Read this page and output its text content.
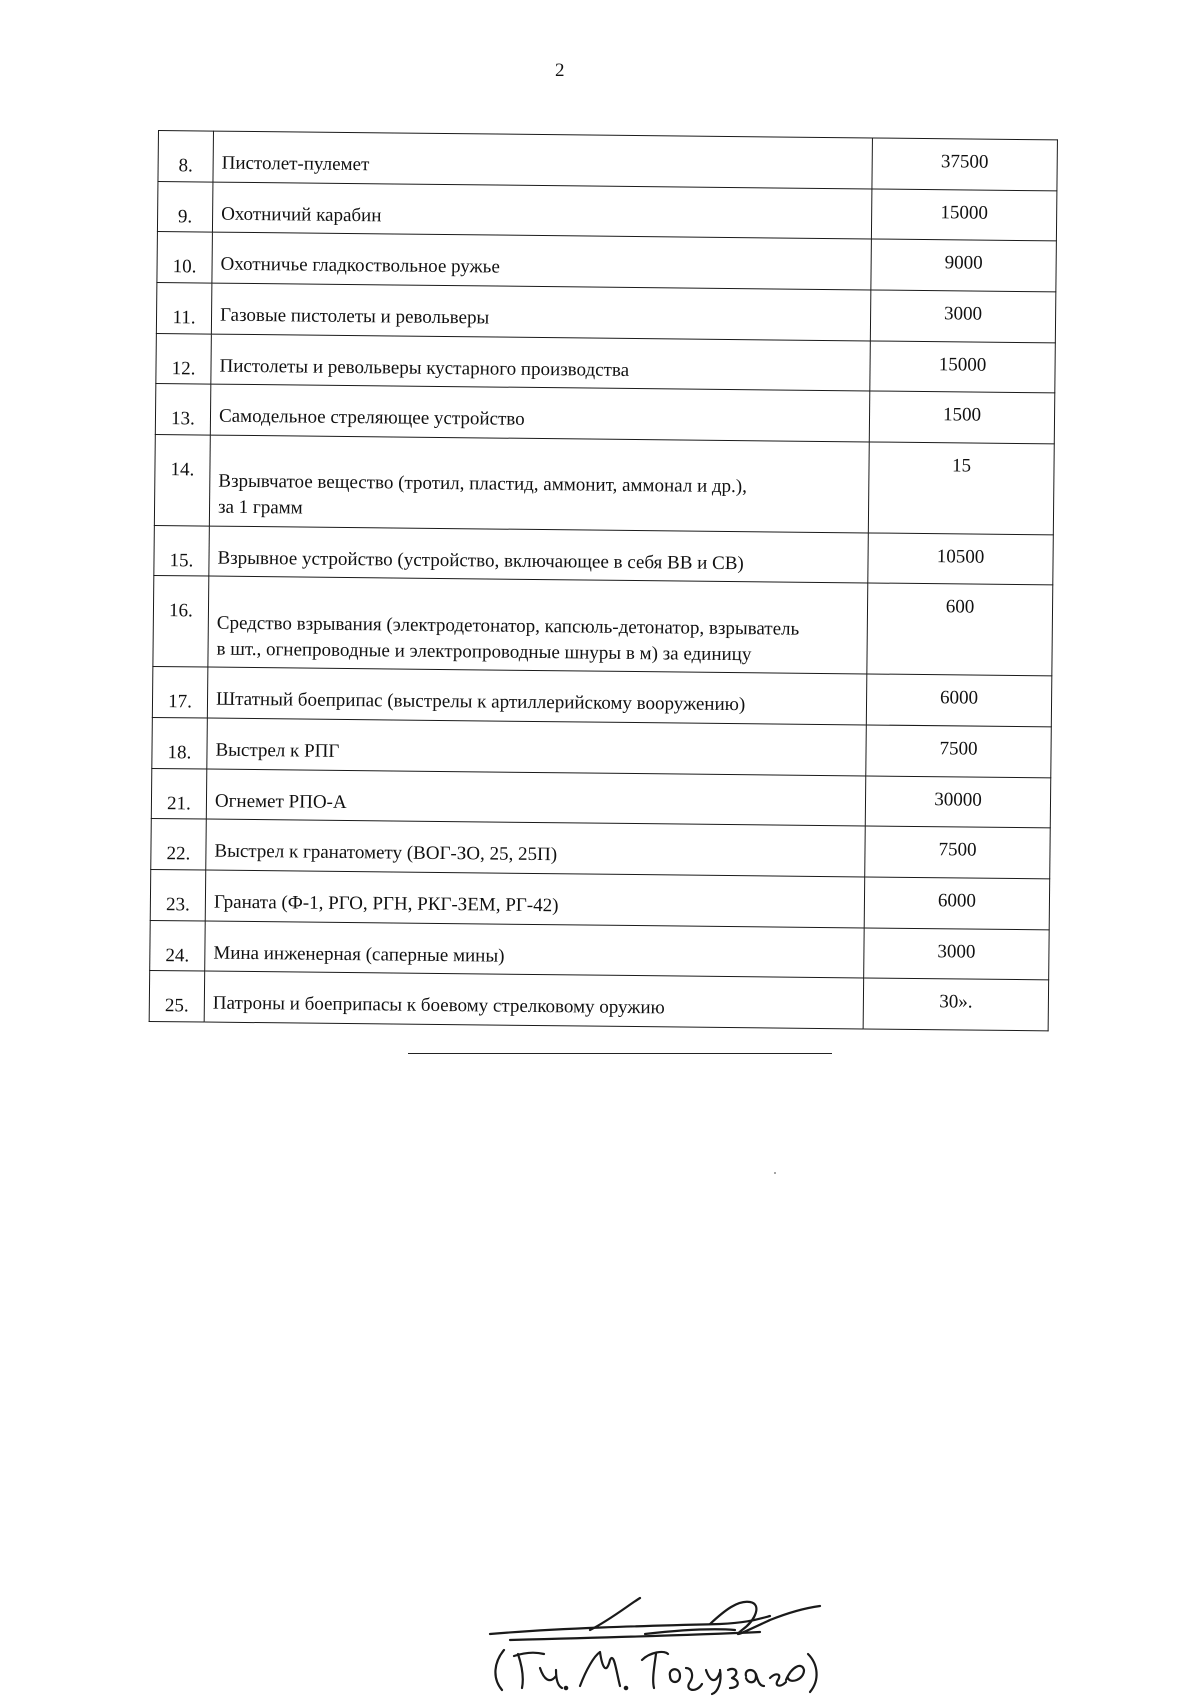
2
8.	Пистолет-пулемет	37500
9.	Охотничий карабин	15000
10.	Охотничье гладкоствольное ружье	9000
11.	Газовые пистолеты и револьверы	3000
12.	Пистолеты и револьверы кустарного производства	15000
13.	Самодельное стреляющее устройство	1500
14.	Взрывчатое вещество (тротил, пластид, аммонит, аммонал и др.),
за 1 грамм	15
15.	Взрывное устройство (устройство, включающее в себя ВВ и СВ)	10500
16.	Средство взрывания (электродетонатор, капсюль-детонатор, взрыватель
в шт., огнепроводные и электропроводные шнуры в м) за единицу	600
17.	Штатный боеприпас (выстрелы к артиллерийскому вооружению)	6000
18.	Выстрел к РПГ	7500
21.	Огнемет РПО-А	30000
22.	Выстрел к гранатомету (ВОГ-ЗО, 25, 25П)	7500
23.	Граната (Ф-1, РГО, РГН, РКГ-ЗЕМ, РГ-42)	6000
24.	Мина инженерная (саперные мины)	3000
25.	Патроны и боеприпасы к боевому стрелковому оружию	30».
